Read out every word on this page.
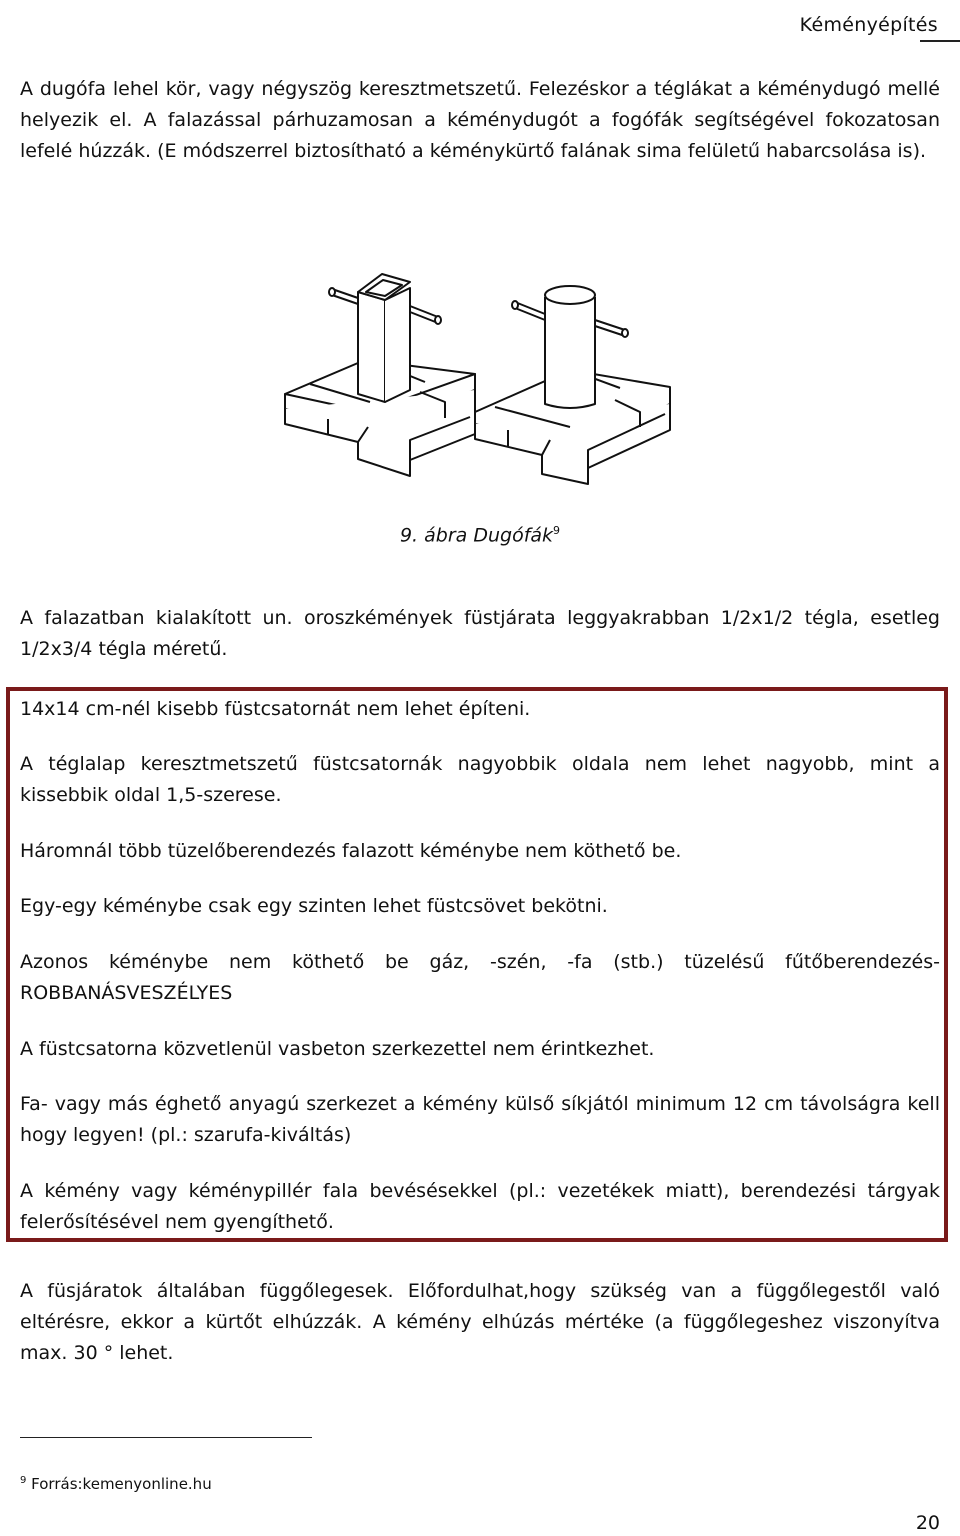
Kéményépítés

A dugófa lehel kör, vagy négyszög keresztmetszetű. Felezéskor a téglákat a kéménydugó mellé helyezik el. A falazással párhuzamosan a kéménydugót a fogófák segítségével fokozatosan lefelé húzzák. (E módszerrel biztosítható a kéménykürtő falának sima felületű habarcsolása is).

9. ábra Dugófák$^9$

A falazatban kialakított un. oroszkémények füstjárata leggyakrabban 1/2x1/2 tégla, esetleg 1/2x3/4 tégla méretű.

14x14 cm-nél kisebb füstcsatornát nem lehet építeni.

A téglalap keresztmetszetű füstcsatornák nagyobbik oldala nem lehet nagyobb, mint a kissebbik oldal 1,5-szerese.

Háromnál több tüzelőberendezés falazott kéménybe nem köthető be.

Egy-egy kéménybe csak egy szinten lehet füstcsövet bekötni.

Azonos kéménybe nem köthető be gáz, -szén, -fa (stb.) tüzelésű fűtőberendezés- ROBBANÁSVESZÉLYES

A füstcsatorna közvetlenül vasbeton szerkezettel nem érintkezhet.

Fa- vagy más éghető anyagú szerkezet a kémény külső síkjától minimum 12 cm távolságra kell hogy legyen! (pl.: szarufa-kiváltás)

A kémény vagy kéménypillér fala bevésésekkel (pl.: vezetékek miatt), berendezési tárgyak felerősítésével nem gyengíthető.

A füsjáratok általában függőlegesek. Előfordulhat,hogy szükség van a függőlegestől való eltérésre, ekkor a kürtőt elhúzzák. A kémény elhúzás mértéke (a függőlegeshez viszonyítva max. 30 ° lehet.

$^9$ Forrás:kemenyonline.hu
20
